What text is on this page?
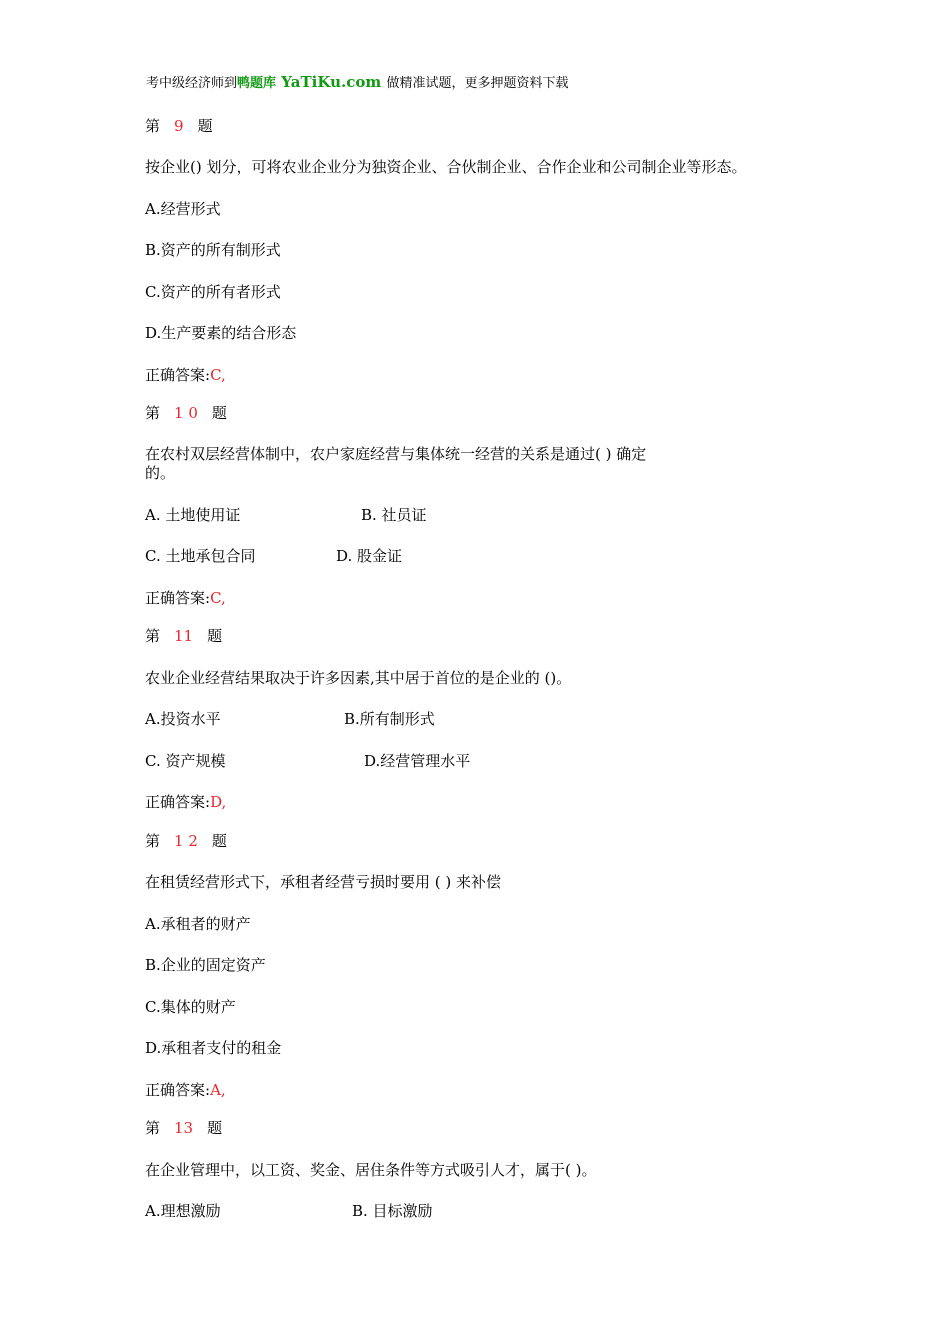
考中级经济师到鸭题库 YaTiKu.com 做精准试题，更多押题资料下载
第 9 题
按企业() 划分，可将农业企业分为独资企业、合伙制企业、合作企业和公司制企业等形态。
A.经营形式
B.资产的所有制形式
C.资产的所有者形式
D.生产要素的结合形态
正确答案:C,
第 1 0 题
在农村双层经营体制中，农户家庭经营与集体统一经营的关系是通过( ) 确定
的。
A. 土地使用证	B. 社员证
C. 土地承包合同	D. 股金证
正确答案:C,
第 11 题
农业企业经营结果取决于许多因素,其中居于首位的是企业的 ()。
A.投资水平	B.所有制形式
C. 资产规模	D.经营管理水平
正确答案:D,
第 1 2 题
在租赁经营形式下，承租者经营亏损时要用 ( ) 来补偿
A.承租者的财产
B.企业的固定资产
C.集体的财产
D.承租者支付的租金
正确答案:A,
第 13 题
在企业管理中，以工资、奖金、居住条件等方式吸引人才，属于( )。
A.理想激励	B. 目标激励
